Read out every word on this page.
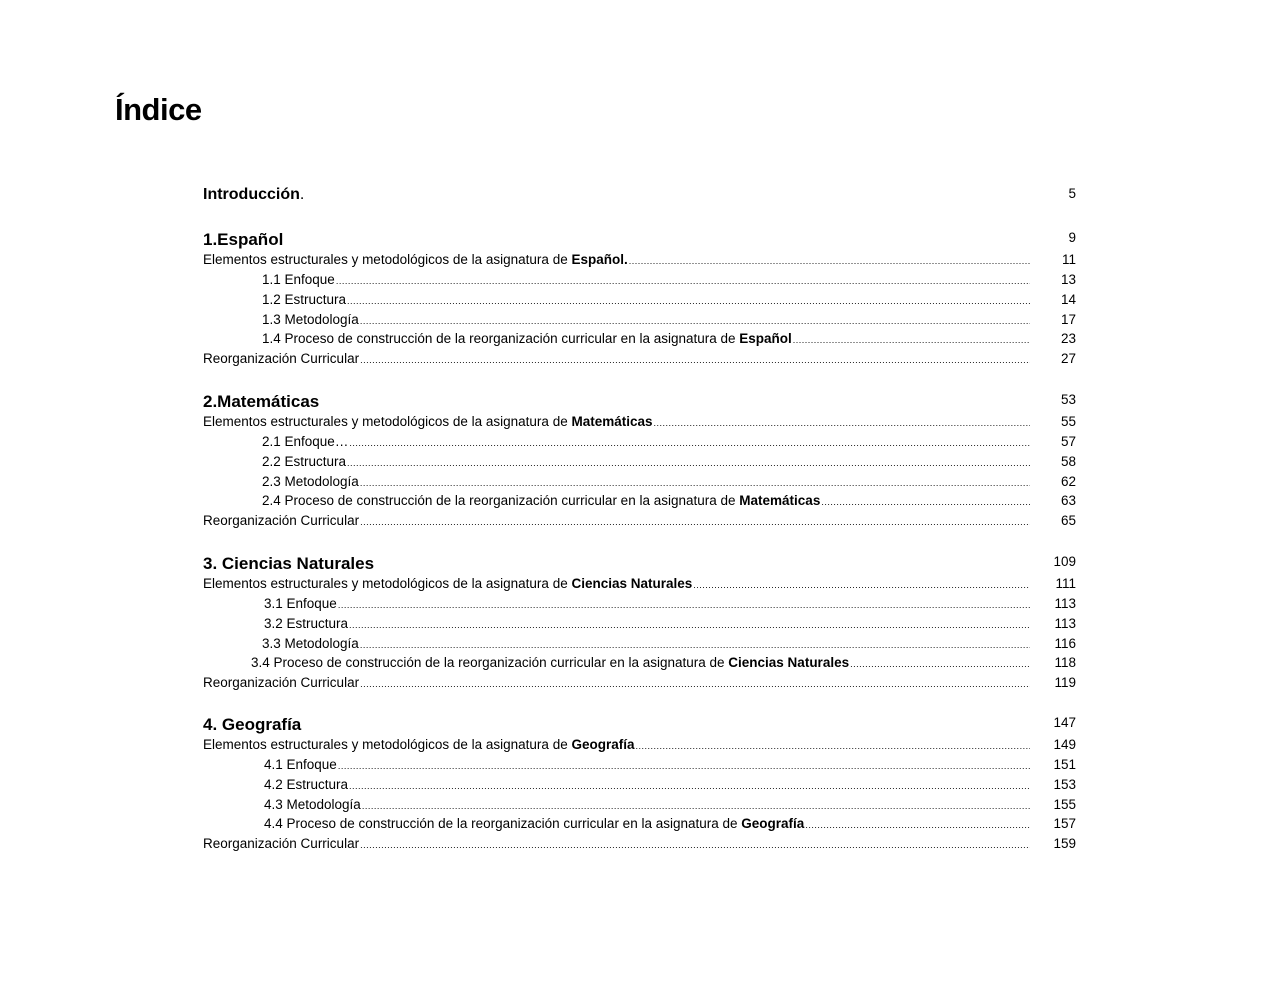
Índice
Introducción.	5
1.Español	9
Elementos estructurales y metodológicos de la asignatura de Español. .....	11
1.1 Enfoque .....	13
1.2 Estructura .....	14
1.3 Metodología .....	17
1.4 Proceso de construcción de la reorganización curricular en la asignatura de Español .....	23
Reorganización Curricular .....	27
2.Matemáticas	53
Elementos estructurales y metodológicos de la asignatura de Matemáticas .....	55
2.1 Enfoque… .....	57
2.2 Estructura .....	58
2.3 Metodología .....	62
2.4 Proceso de construcción de la reorganización curricular en la asignatura de Matemáticas .....	63
Reorganización Curricular .....	65
3. Ciencias Naturales	109
Elementos estructurales y metodológicos de la asignatura de Ciencias Naturales .....	111
3.1 Enfoque .....	113
3.2 Estructura .....	113
3.3 Metodología .....	116
3.4 Proceso de construcción de la reorganización curricular en la asignatura de Ciencias Naturales .....	118
Reorganización Curricular .....	119
4. Geografía	147
Elementos estructurales y metodológicos de la asignatura de Geografía .....	149
4.1 Enfoque .....	151
4.2 Estructura .....	153
4.3 Metodología .....	155
4.4 Proceso de construcción de la reorganización curricular en la asignatura de Geografía .....	157
Reorganización Curricular .....	159
